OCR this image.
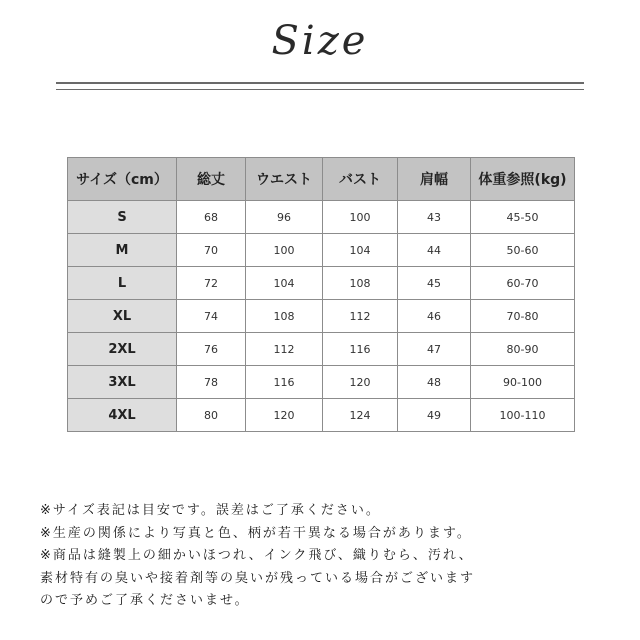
Size
サイズ（cm）	総丈	ウエスト	バスト	肩幅	体重参照(kg)
S	68	96	100	43	45-50
M	70	100	104	44	50-60
L	72	104	108	45	60-70
XL	74	108	112	46	70-80
2XL	76	112	116	47	80-90
3XL	78	116	120	48	90-100
4XL	80	120	124	49	100-110

※サイズ表記は目安です。誤差はご了承ください。

※生産の関係により写真と色、柄が若干異なる場合があります。

※商品は縫製上の細かいほつれ、インク飛び、織りむら、汚れ、

素材特有の臭いや接着剤等の臭いが残っている場合がございます

ので予めご了承くださいませ。
